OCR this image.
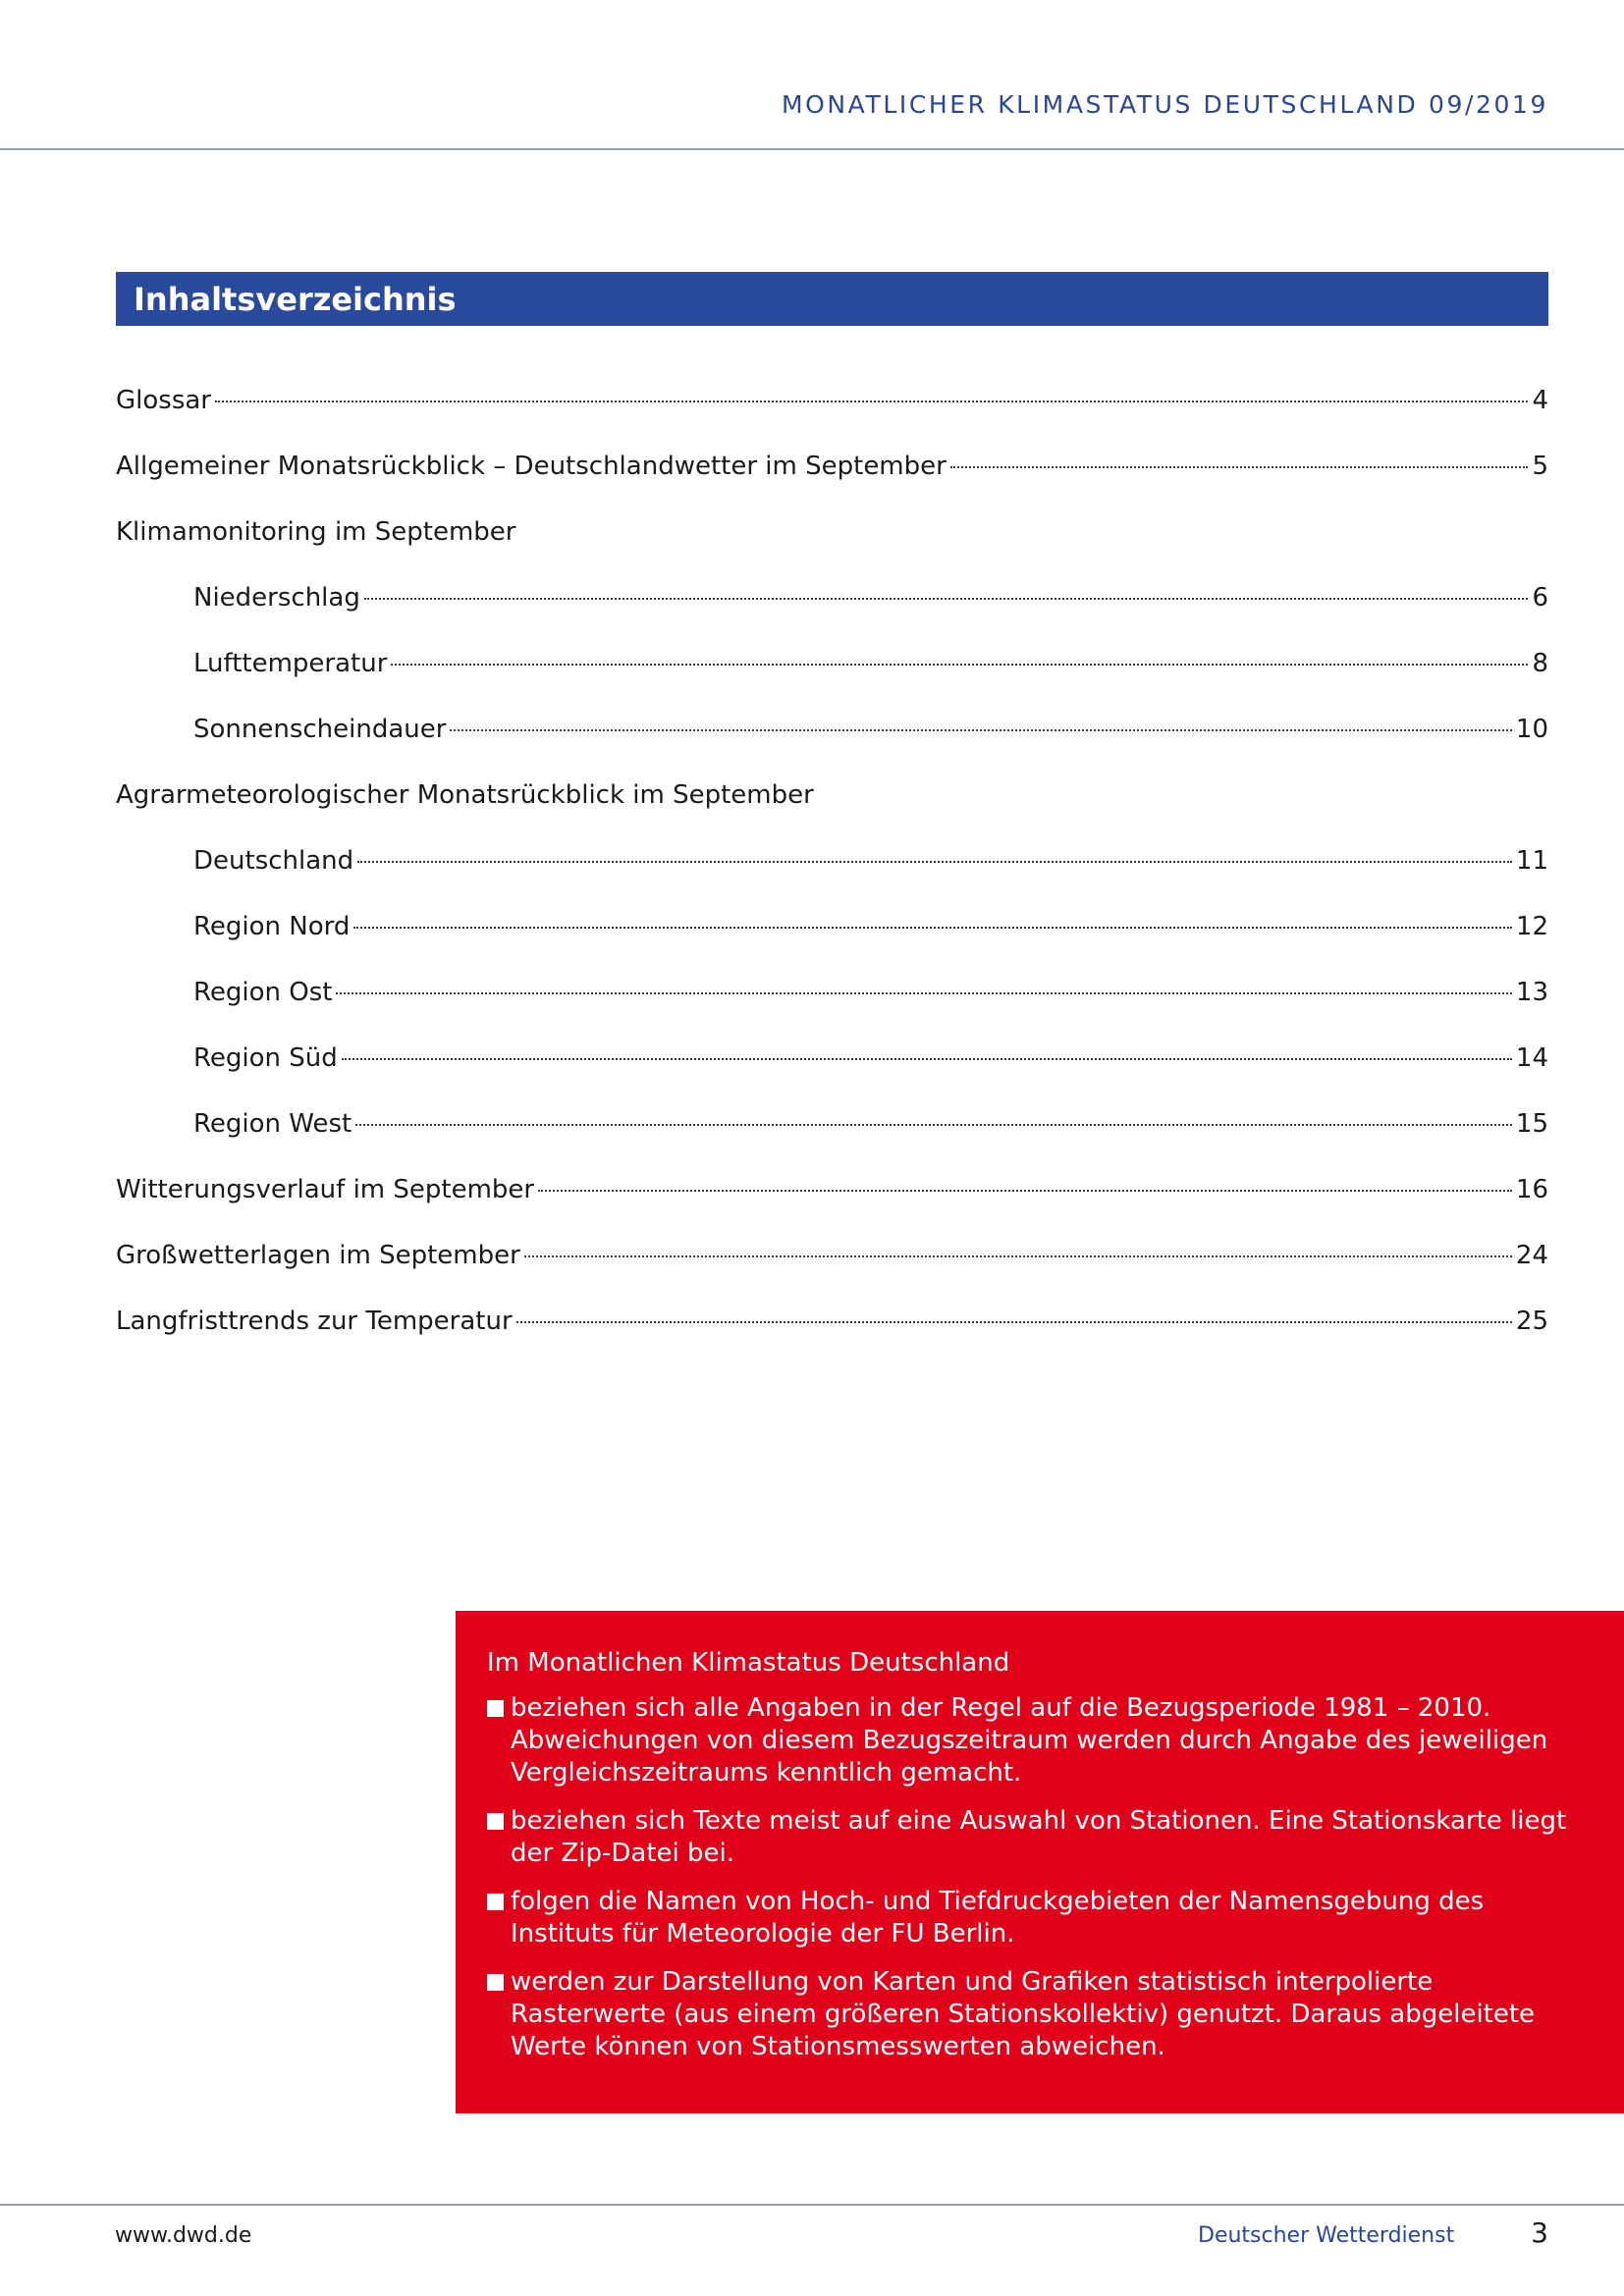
MONATLICHER KLIMASTATUS DEUTSCHLAND 09/2019
Inhaltsverzeichnis
Glossar	4
Allgemeiner Monatsrückblick – Deutschlandwetter im September	5
Klimamonitoring im September
Niederschlag	6
Lufttemperatur	8
Sonnenscheindauer	10
Agrarmeteorologischer Monatsrückblick im September
Deutschland	11
Region Nord	12
Region Ost	13
Region Süd	14
Region West	15
Witterungsverlauf im September	16
Großwetterlagen im September	24
Langfristtrends zur Temperatur	25
Im Monatlichen Klimastatus Deutschland
beziehen sich alle Angaben in der Regel auf die Bezugsperiode 1981 – 2010. Abweichungen von diesem Bezugszeitraum werden durch Angabe des jeweiligen Vergleichszeitraums kenntlich gemacht.
beziehen sich Texte meist auf eine Auswahl von Stationen. Eine Stationskarte liegt der Zip-Datei bei.
folgen die Namen von Hoch- und Tiefdruckgebieten der Namensgebung des Instituts für Meteorologie der FU Berlin.
werden zur Darstellung von Karten und Grafiken statistisch interpolierte Rasterwerte (aus einem größeren Stationskollektiv) genutzt. Daraus abgeleitete Werte können von Stationsmesswerten abweichen.
www.dwd.de	Deutscher Wetterdienst	3
